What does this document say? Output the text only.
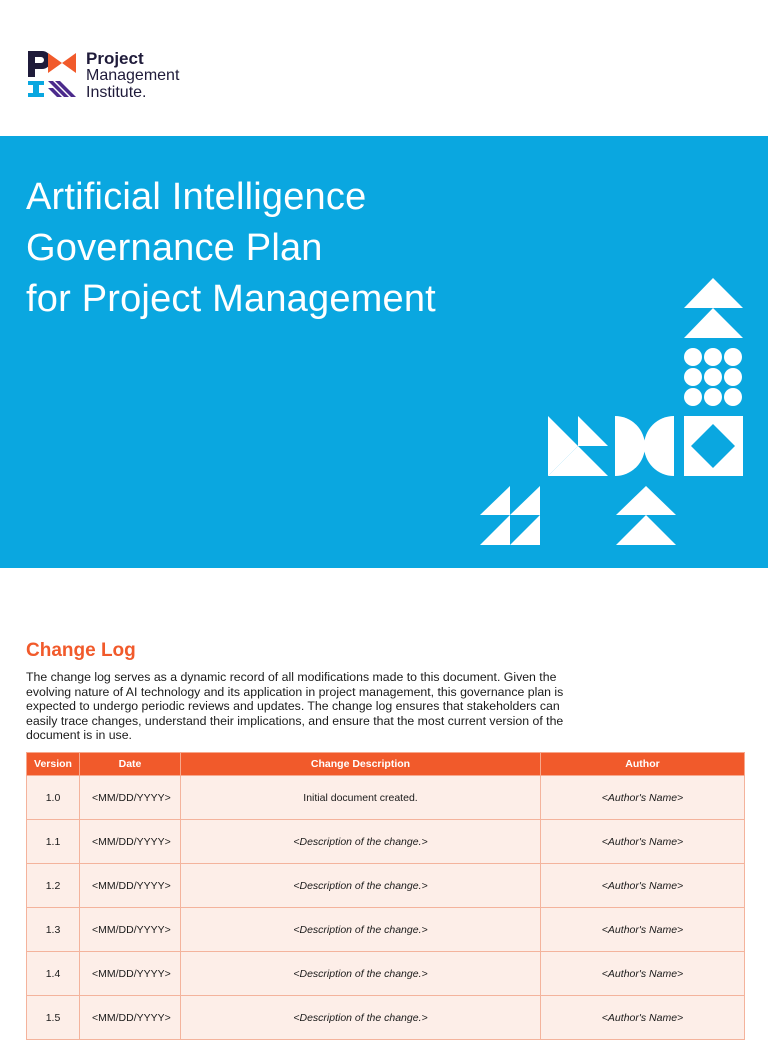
Project
Management
Institute.
Artificial Intelligence
Governance Plan
for Project Management
Change Log

The change log serves as a dynamic record of all modifications made to this document. Given the evolving nature of AI technology and its application in project management, this governance plan is expected to undergo periodic reviews and updates. The change log ensures that stakeholders can easily trace changes, understand their implications, and ensure that the most current version of the document is in use.

Version	Date	Change Description	Author
1.0	<MM/DD/YYYY>	Initial document created.	<Author's Name>
1.1	<MM/DD/YYYY>	<Description of the change.>	<Author's Name>
1.2	<MM/DD/YYYY>	<Description of the change.>	<Author's Name>
1.3	<MM/DD/YYYY>	<Description of the change.>	<Author's Name>
1.4	<MM/DD/YYYY>	<Description of the change.>	<Author's Name>
1.5	<MM/DD/YYYY>	<Description of the change.>	<Author's Name>
